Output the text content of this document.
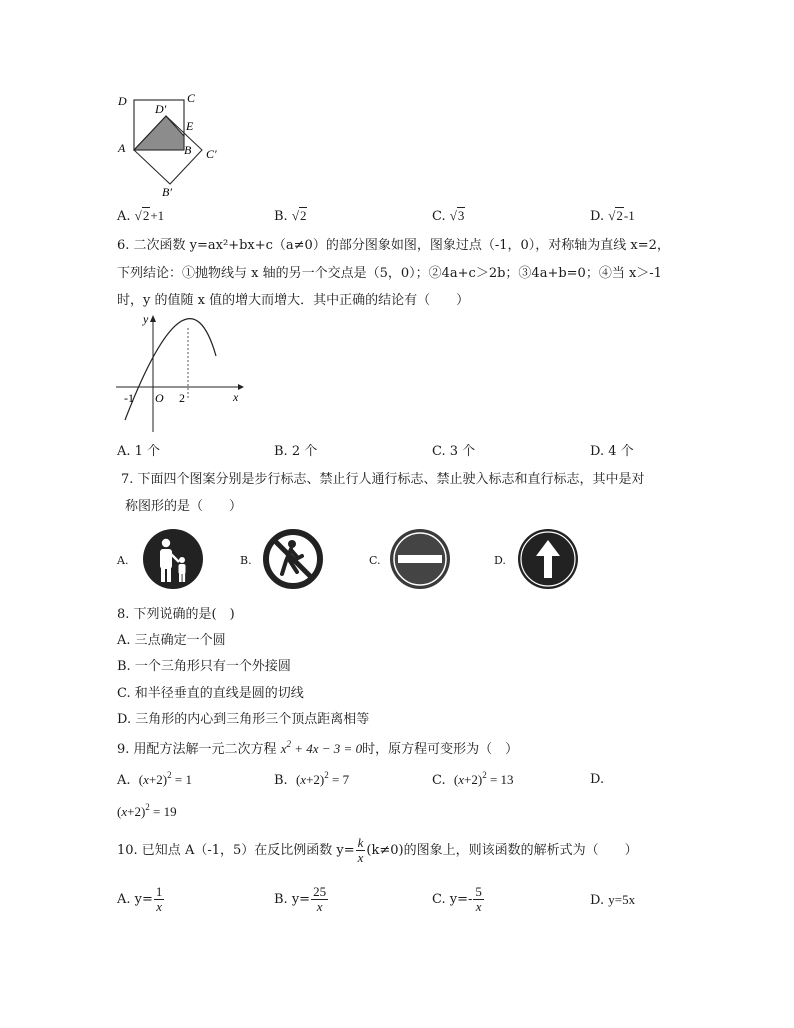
D	C
D′
E
A	B C′
B′
A. √2+1	B. √2	C. √3	D. √2-1
6. 二次函数 y=ax²+bx+c（a≠0）的部分图象如图，图象过点（-1，0），对称轴为直线 x=2，
下列结论：①抛物线与 x 轴的另一个交点是（5，0）；②4a+c＞2b；③4a+b=0；④当 x＞-1
时，y 的值随 x 值的增大而增大．其中正确的结论有（　　）
y
x
O
-1	2
A. 1 个	B. 2 个	C. 3 个	D. 4 个
7. 下面四个图案分别是步行标志、禁止行人通行标志、禁止驶入标志和直行标志，其中是对
称图形的是（　　）
A.	B.	C.	D.
8. 下列说确的是(　)
A. 三点确定一个圆
B. 一个三角形只有一个外接圆
C. 和半径垂直的直线是圆的切线
D. 三角形的内心到三角形三个顶点距离相等
9. 用配方法解一元二次方程 $x^2 + 4x - 3 = 0$时，原方程可变形为（　）
A. $(x+2)^2 = 1$	B. $(x+2)^2 = 7$	C. $(x+2)^2 = 13$	D.
$(x+2)^2 = 19$
10. 已知点 A（-1，5）在反比例函数 $y= \frac{k}{x} (k\ne 0)$的图象上，则该函数的解析式为（　　）
A. $y= \frac{1}{x}$	B. $y= \frac{25}{x}$	C. $y=- \frac{5}{x}$	D. y=5x
